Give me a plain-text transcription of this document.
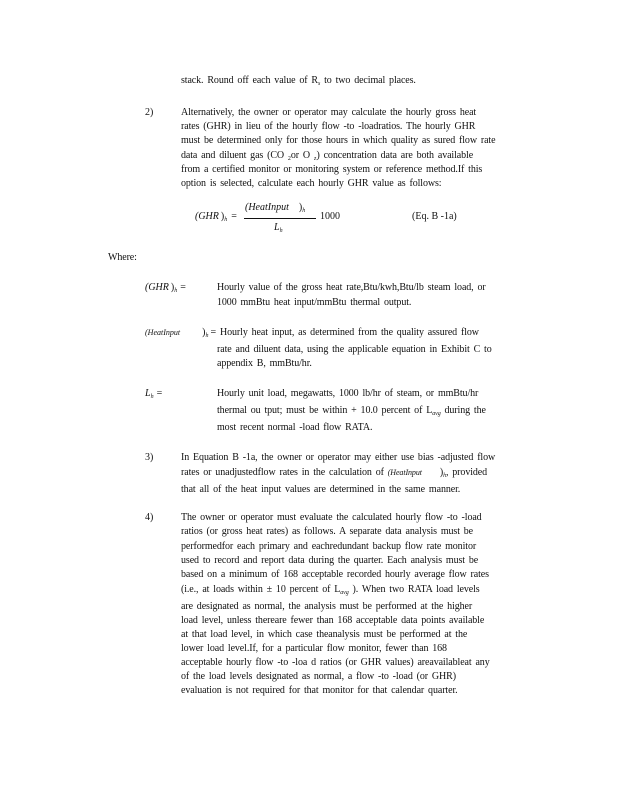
stack. Round off each value of $R_s$ to two decimal places.
2)	Alternatively, the owner or operator may calculate the hourly gross heat
rates (GHR) in lieu of the hourly flow -to -loadratios. The hourly GHR
must be determined only for those hours in which quality as sured flow rate
data and diluent gas (CO $_2$or O $_z$) concentration data are both available
from a certified monitor or monitoring system or reference method.If this
option is selected, calculate each hourly GHR value as follows:
(GHR )$_h$ =
(HeatInput )$_h$
$L_h$
1000	(Eq. B -1a)
Where:
(GHR )$_h$ =	Hourly value of the gross heat rate,Btu/kwh,Btu/lb steam load, or
1000 mmBtu heat input/mmBtu thermal output.
(HeatInput )$_h$ = Hourly heat input, as determined from the quality assured flow
rate and diluent data, using the applicable equation in Exhibit C to
appendix B, mmBtu/hr.
$L_h$ =	Hourly unit load, megawatts, 1000 lb/hr of steam, or mmBtu/hr
thermal ou tput; must be within + 10.0 percent of $L_{avg}$ during the
most recent normal -load flow RATA.
3)	In Equation B -1a, the owner or operator may either use bias -adjusted flow
rates or unadjustedflow rates in the calculation of (HeatInput )$_h$, provided
that all of the heat input values are determined in the same manner.
4)	The owner or operator must evaluate the calculated hourly flow -to -load
ratios (or gross heat rates) as follows. A separate data analysis must be
performedfor each primary and eachredundant backup flow rate monitor
used to record and report data during the quarter. Each analysis must be
based on a minimum of 168 acceptable recorded hourly average flow rates
(i.e., at loads within ± 10 percent of $L_{avg}$ ). When two RATA load levels
are designated as normal, the analysis must be performed at the higher
load level, unless thereare fewer than 168 acceptable data points available
at that load level, in which case theanalysis must be performed at the
lower load level.If, for a particular flow monitor, fewer than 168
acceptable hourly flow -to -loa d ratios (or GHR values) areavailableat any
of the load levels designated as normal, a flow -to -load (or GHR)
evaluation is not required for that monitor for that calendar quarter.
